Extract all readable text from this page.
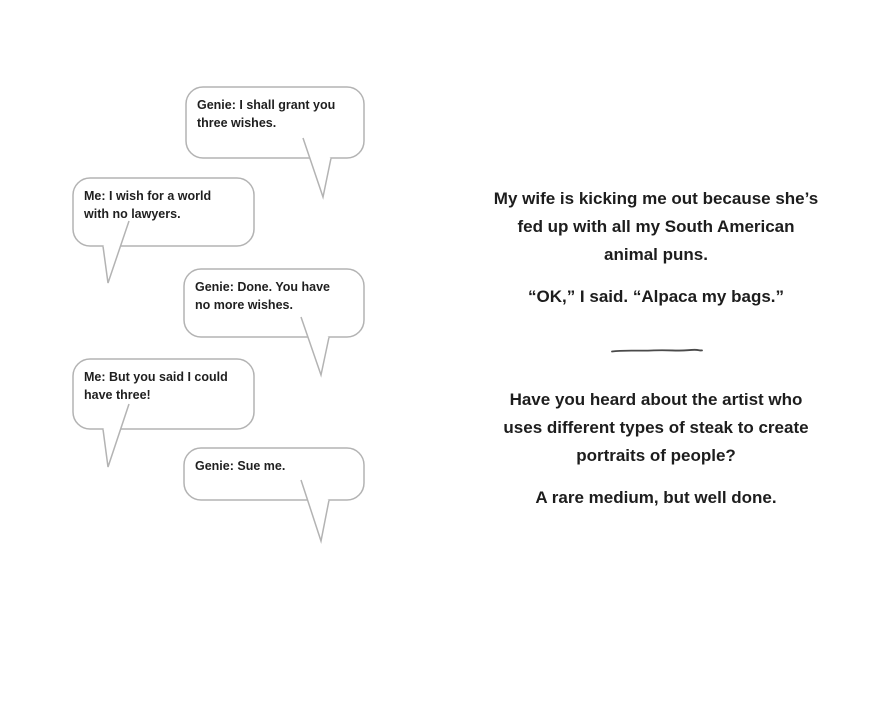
Genie: I shall grant you
three wishes.
Me: I wish for a world
with no lawyers.
Genie: Done. You have
no more wishes.
Me: But you said I could
have three!
Genie: Sue me.
My wife is kicking me out because she’s
fed up with all my South American
animal puns.
“OK,” I said. “Alpaca my bags.”
Have you heard about the artist who
uses different types of steak to create
portraits of people?
A rare medium, but well done.
